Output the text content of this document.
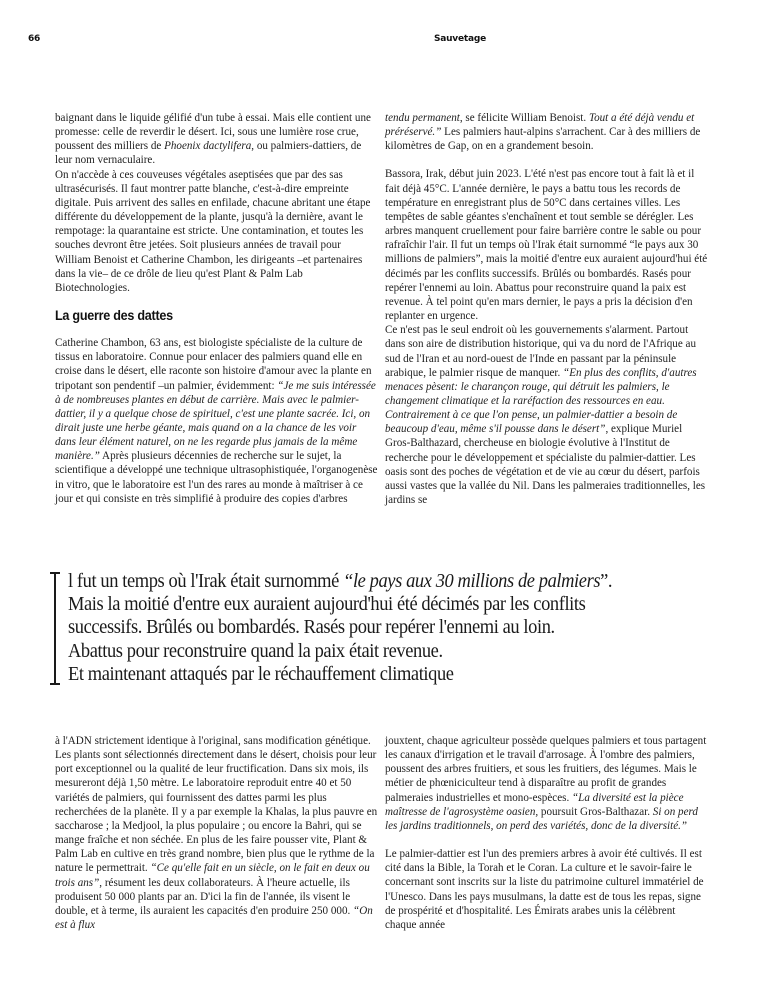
66	Sauvetage

baignant dans le liquide gélifié d'un tube à essai. Mais elle contient une promesse: celle de reverdir le désert. Ici, sous une lumière rose crue, poussent des milliers de Phoenix dactylifera, ou palmiers-dattiers, de leur nom vernaculaire.

On n'accède à ces couveuses végétales aseptisées que par des sas ultrasécurisés. Il faut montrer patte blanche, c'est-à-dire empreinte digitale. Puis arrivent des salles en enfilade, chacune abritant une étape différente du développement de la plante, jusqu'à la dernière, avant le rempotage: la quarantaine est stricte. Une contamination, et toutes les souches devront être jetées. Soit plusieurs années de travail pour William Benoist et Catherine Chambon, les dirigeants –et partenaires dans la vie– de ce drôle de lieu qu'est Plant & Palm Lab Biotechnologies.

La guerre des dattes

Catherine Chambon, 63 ans, est biologiste spécialiste de la culture de tissus en laboratoire. Connue pour enlacer des palmiers quand elle en croise dans le désert, elle raconte son histoire d'amour avec la plante en tripotant son pendentif –un palmier, évidemment: “Je me suis intéressée à de nombreuses plantes en début de carrière. Mais avec le palmier-dattier, il y a quelque chose de spirituel, c'est une plante sacrée. Ici, on dirait juste une herbe géante, mais quand on a la chance de les voir dans leur élément naturel, on ne les regarde plus jamais de la même manière.” Après plusieurs décennies de recherche sur le sujet, la scientifique a développé une technique ultrasophistiquée, l'organogenèse in vitro, que le laboratoire est l'un des rares au monde à maîtriser à ce jour et qui consiste en très simplifié à produire des copies d'arbres

tendu permanent, se félicite William Benoist. Tout a été déjà vendu et préréservé.” Les palmiers haut-alpins s'arrachent. Car à des milliers de kilomètres de Gap, on en a grandement besoin.

Bassora, Irak, début juin 2023. L'été n'est pas encore tout à fait là et il fait déjà 45°C. L'année dernière, le pays a battu tous les records de température en enregistrant plus de 50°C dans certaines villes. Les tempêtes de sable géantes s'enchaînent et tout semble se dérégler. Les arbres manquent cruellement pour faire barrière contre le sable ou pour rafraîchir l'air. Il fut un temps où l'Irak était surnommé “le pays aux 30 millions de palmiers”, mais la moitié d'entre eux auraient aujourd'hui été décimés par les conflits successifs. Brûlés ou bombardés. Rasés pour repérer l'ennemi au loin. Abattus pour reconstruire quand la paix est revenue. À tel point qu'en mars dernier, le pays a pris la décision d'en replanter en urgence.

Ce n'est pas le seul endroit où les gouvernements s'alarment. Partout dans son aire de distribution historique, qui va du nord de l'Afrique au sud de l'Iran et au nord-ouest de l'Inde en passant par la péninsule arabique, le palmier risque de manquer. “En plus des conflits, d'autres menaces pèsent: le charançon rouge, qui détruit les palmiers, le changement climatique et la raréfaction des ressources en eau. Contrairement à ce que l'on pense, un palmier-dattier a besoin de beaucoup d'eau, même s'il pousse dans le désert”, explique Muriel Gros-Balthazard, chercheuse en biologie évolutive à l'Institut de recherche pour le développement et spécialiste du palmier-dattier. Les oasis sont des poches de végétation et de vie au cœur du désert, parfois aussi vastes que la vallée du Nil. Dans les palmeraies traditionnelles, les jardins se

l fut un temps où l'Irak était surnommé “le pays aux 30 millions de palmiers”.
Mais la moitié d'entre eux auraient aujourd'hui été décimés par les conflits
successifs. Brûlés ou bombardés. Rasés pour repérer l'ennemi au loin.
Abattus pour reconstruire quand la paix était revenue.
Et maintenant attaqués par le réchauffement climatique

à l'ADN strictement identique à l'original, sans modification génétique. Les plants sont sélectionnés directement dans le désert, choisis pour leur port exceptionnel ou la qualité de leur fructification. Dans six mois, ils mesureront déjà 1,50 mètre. Le laboratoire reproduit entre 40 et 50 variétés de palmiers, qui fournissent des dattes parmi les plus recherchées de la planète. Il y a par exemple la Khalas, la plus pauvre en saccharose ; la Medjool, la plus populaire ; ou encore la Bahri, qui se mange fraîche et non séchée. En plus de les faire pousser vite, Plant & Palm Lab en cultive en très grand nombre, bien plus que le rythme de la nature le permettrait. “Ce qu'elle fait en un siècle, on le fait en deux ou trois ans”, résument les deux collaborateurs. À l'heure actuelle, ils produisent 50 000 plants par an. D'ici la fin de l'année, ils visent le double, et à terme, ils auraient les capacités d'en produire 250 000. “On est à flux

jouxtent, chaque agriculteur possède quelques palmiers et tous partagent les canaux d'irrigation et le travail d'arrosage. À l'ombre des palmiers, poussent des arbres fruitiers, et sous les fruitiers, des légumes. Mais le métier de phœniciculteur tend à disparaître au profit de grandes palmeraies industrielles et mono-espèces. “La diversité est la pièce maîtresse de l'agrosystème oasien, poursuit Gros-Balthazar. Si on perd les jardins traditionnels, on perd des variétés, donc de la diversité.”

Le palmier-dattier est l'un des premiers arbres à avoir été cultivés. Il est cité dans la Bible, la Torah et le Coran. La culture et le savoir-faire le concernant sont inscrits sur la liste du patrimoine culturel immatériel de l'Unesco. Dans les pays musulmans, la datte est de tous les repas, signe de prospérité et d'hospitalité. Les Émirats arabes unis la célèbrent chaque année
